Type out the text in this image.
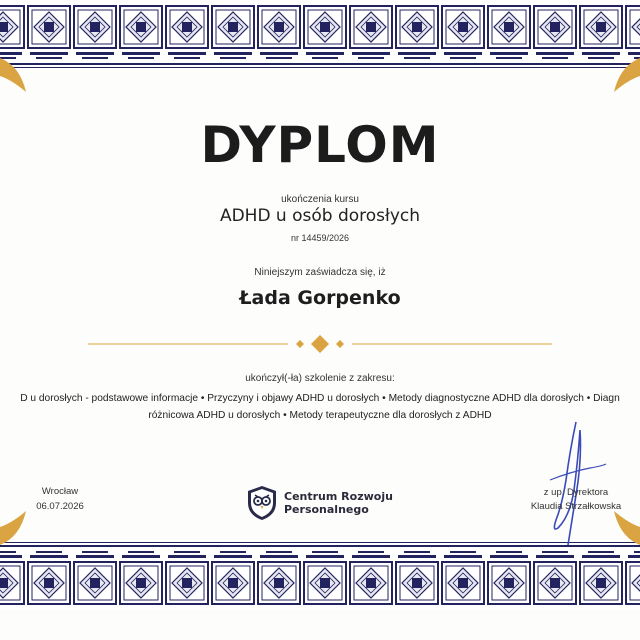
DYPLOM
ukończenia kursu
ADHD u osób dorosłych
nr 14459/2026
Niniejszym zaświadcza się, iż
Łada Gorpenko
ukończył(-ła) szkolenie z zakresu:
D u dorosłych - podstawowe informacje • Przyczyny i objawy ADHD u dorosłych • Metody diagnostyczne ADHD dla dorosłych • Diagn
różnicowa ADHD u dorosłych • Metody terapeutyczne dla dorosłych z ADHD
Wrocław
06.07.2026
Centrum Rozwoju
Personalnego
z up. Dyrektora
Klaudia Strzałkowska
